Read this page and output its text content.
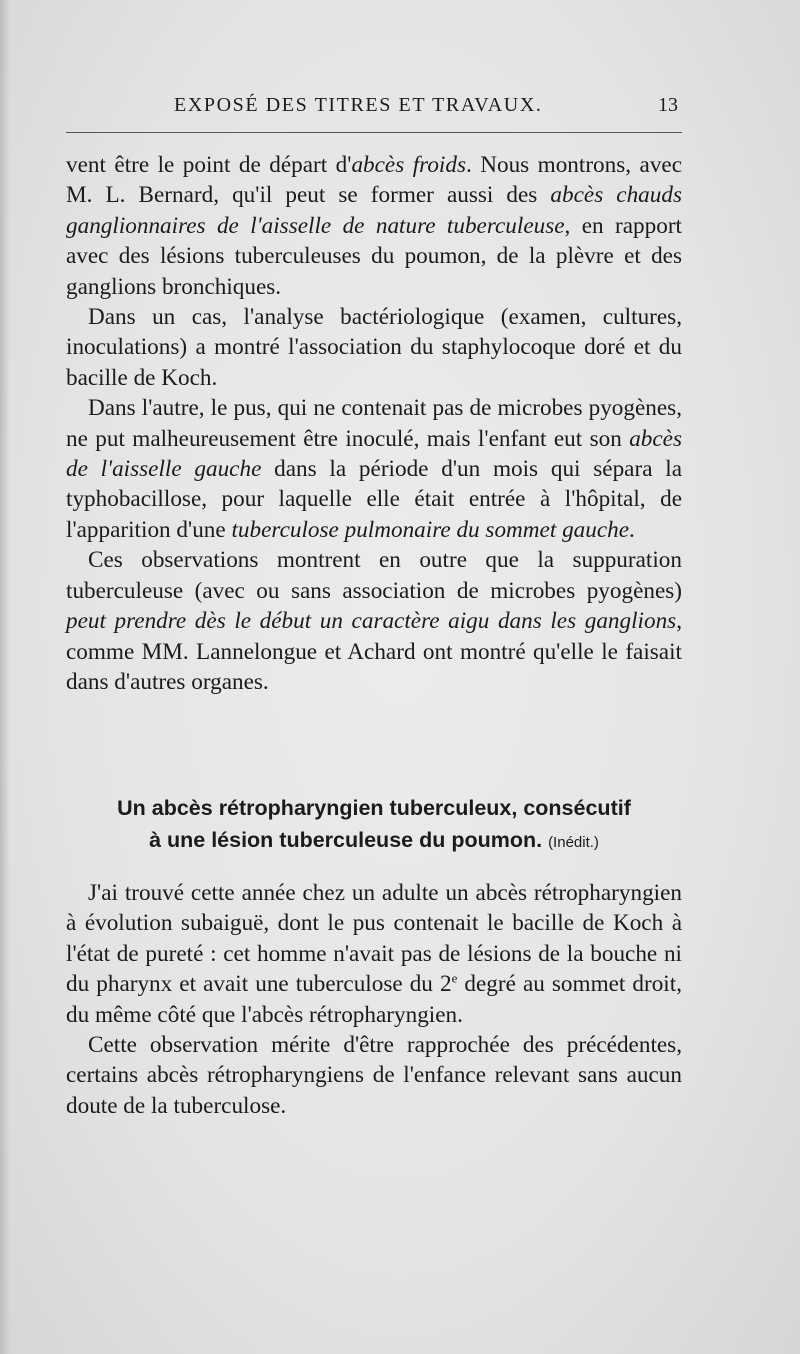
EXPOSÉ DES TITRES ET TRAVAUX.	13

vent être le point de départ d'abcès froids. Nous montrons, avec M. L. Bernard, qu'il peut se former aussi des abcès chauds ganglionnaires de l'aisselle de nature tuberculeuse, en rapport avec des lésions tuberculeuses du poumon, de la plèvre et des ganglions bronchiques.

Dans un cas, l'analyse bactériologique (examen, cultures, inoculations) a montré l'association du staphylocoque doré et du bacille de Koch.

Dans l'autre, le pus, qui ne contenait pas de microbes pyogènes, ne put malheureusement être inoculé, mais l'enfant eut son abcès de l'aisselle gauche dans la période d'un mois qui sépara la typhobacillose, pour laquelle elle était entrée à l'hôpital, de l'apparition d'une tuberculose pulmonaire du sommet gauche.

Ces observations montrent en outre que la suppuration tuberculeuse (avec ou sans association de microbes pyogènes) peut prendre dès le début un caractère aigu dans les ganglions, comme MM. Lannelongue et Achard ont montré qu'elle le faisait dans d'autres organes.

Un abcès rétropharyngien tuberculeux, consécutif
à une lésion tuberculeuse du poumon. (Inédit.)

J'ai trouvé cette année chez un adulte un abcès rétropharyngien à évolution subaiguë, dont le pus contenait le bacille de Koch à l'état de pureté : cet homme n'avait pas de lésions de la bouche ni du pharynx et avait une tuberculose du 2e degré au sommet droit, du même côté que l'abcès rétropharyngien.

Cette observation mérite d'être rapprochée des précédentes, certains abcès rétropharyngiens de l'enfance relevant sans aucun doute de la tuberculose.
